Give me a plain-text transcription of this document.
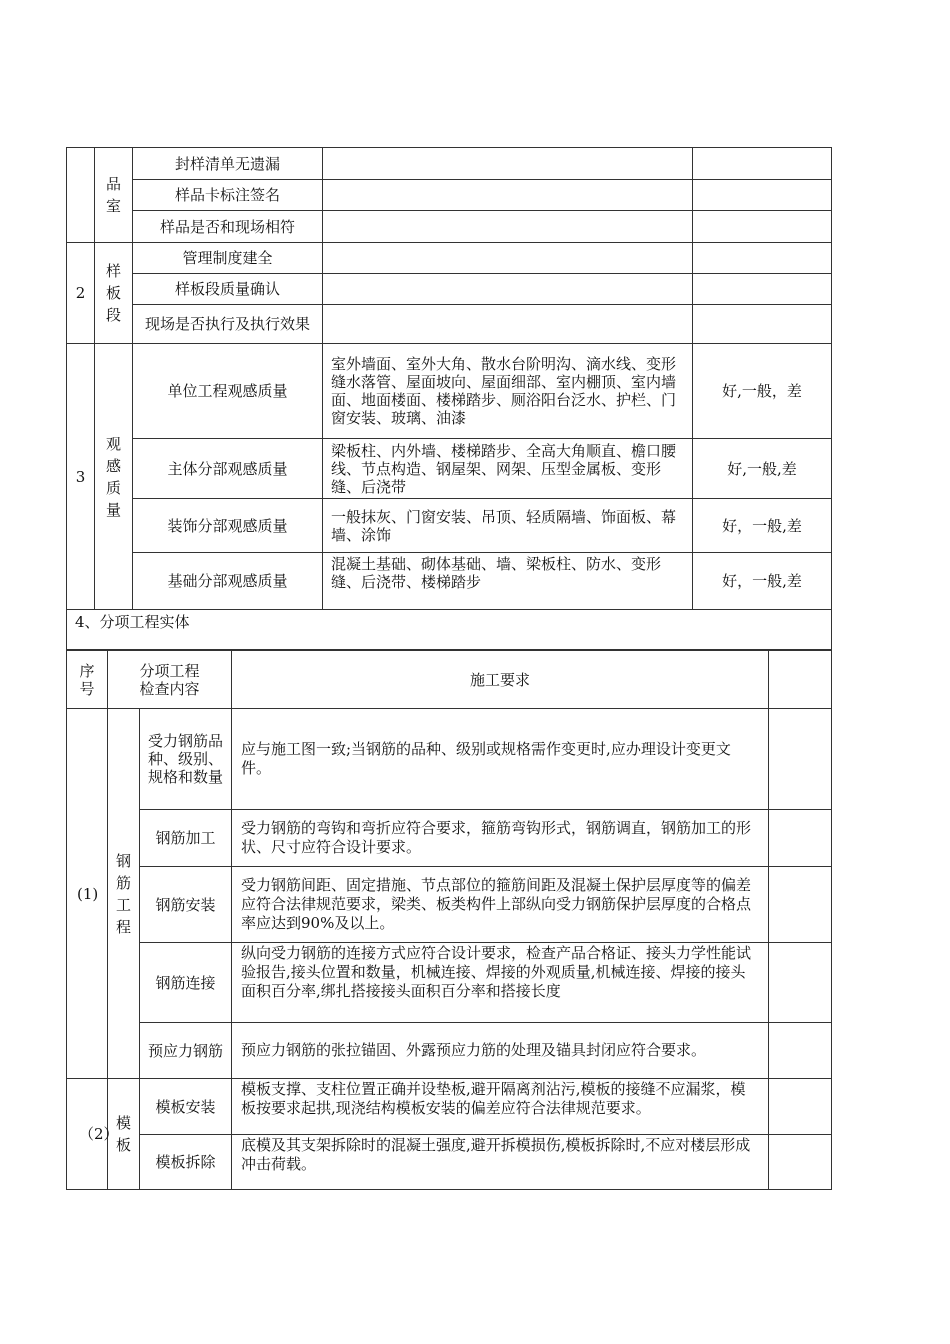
	品室	封样清单无遗漏		
		样品卡标注签名		
		样品是否和现场相符		
2	样板段	管理制度建全		
		样板段质量确认		
		现场是否执行及执行效果		
3	观感质量	单位工程观感质量	室外墙面、室外大角、散水台阶明沟、滴水线、变形缝水落管、屋面坡向、屋面细部、室内棚顶、室内墙面、地面楼面、楼梯踏步、厕浴阳台泛水、护栏、门窗安装、玻璃、油漆	好,一般，差
		主体分部观感质量	梁板柱、内外墙、楼梯踏步、全高大角顺直、檐口腰线、节点构造、钢屋架、网架、压型金属板、变形缝、后浇带	好,一般,差
		装饰分部观感质量	一般抹灰、门窗安装、吊顶、轻质隔墙、饰面板、幕墙、涂饰	好，一般,差
		基础分部观感质量	混凝土基础、砌体基础、墙、梁板柱、防水、变形缝、后浇带、楼梯踏步	好，一般,差
4、分项工程实体				
序号	分项工程检查内容		施工要求	
(1)	钢筋工程	受力钢筋品种、级别、规格和数量	应与施工图一致;当钢筋的品种、级别或规格需作变更时,应办理设计变更文件。	
		钢筋加工	受力钢筋的弯钩和弯折应符合要求，箍筋弯钩形式，钢筋调直，钢筋加工的形状、尺寸应符合设计要求。	
		钢筋安装	受力钢筋间距、固定措施、节点部位的箍筋间距及混凝土保护层厚度等的偏差应符合法律规范要求，梁类、板类构件上部纵向受力钢筋保护层厚度的合格点率应达到90%及以上。	
		钢筋连接	纵向受力钢筋的连接方式应符合设计要求，检查产品合格证、接头力学性能试验报告,接头位置和数量，机械连接、焊接的外观质量,机械连接、焊接的接头面积百分率,绑扎搭接接头面积百分率和搭接长度	
		预应力钢筋	预应力钢筋的张拉锚固、外露预应力筋的处理及锚具封闭应符合要求。	
（2）	模板	模板安装	模板支撑、支柱位置正确并设垫板,避开隔离剂沾污,模板的接缝不应漏浆，模板按要求起拱,现浇结构模板安装的偏差应符合法律规范要求。	
		模板拆除	底模及其支架拆除时的混凝土强度,避开拆模损伤,模板拆除时,不应对楼层形成冲击荷载。	
